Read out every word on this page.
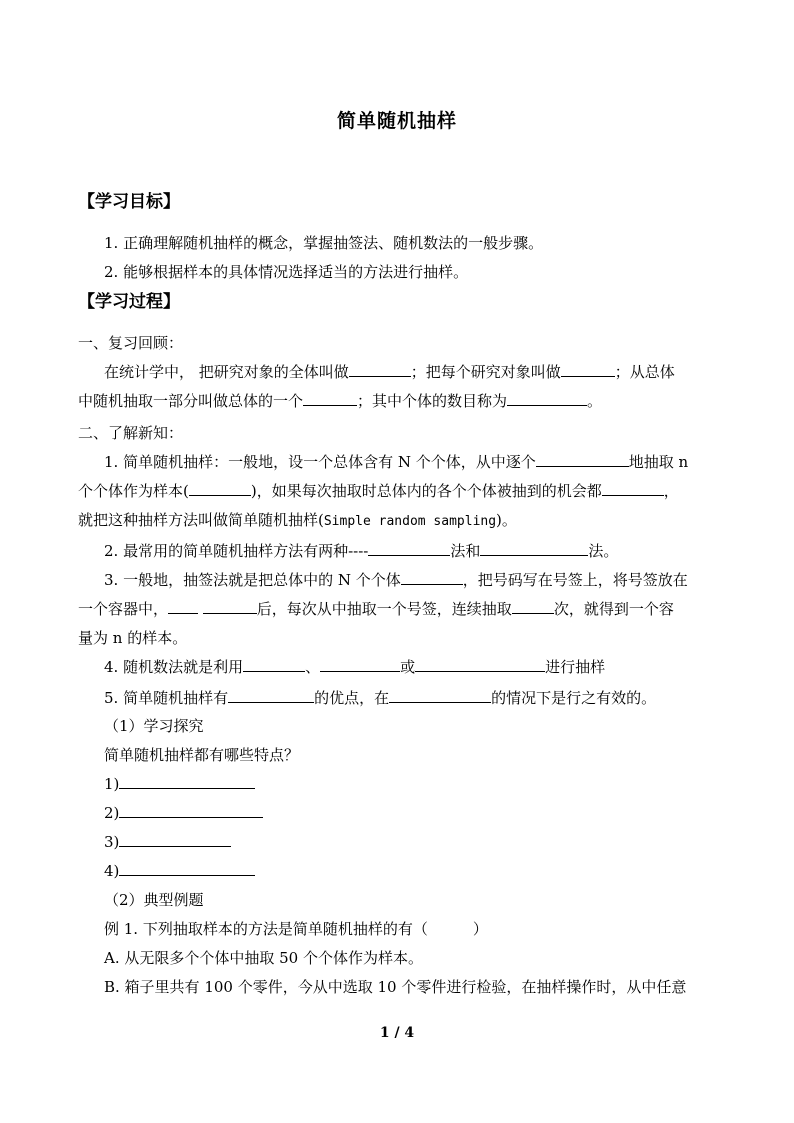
简单随机抽样
【学习目标】
1. 正确理解随机抽样的概念，掌握抽签法、随机数法的一般步骤。
2. 能够根据样本的具体情况选择适当的方法进行抽样。
【学习过程】
一、复习回顾：
在统计学中， 把研究对象的全体叫做	；把每个研究对象叫做	；从总体
中随机抽取一部分叫做总体的一个	；其中个体的数目称为	。
二、了解新知：
1. 简单随机抽样：一般地，设一个总体含有 N 个个体，从中逐个	地抽取 n
个个体作为样本(	)，如果每次抽取时总体内的各个个体被抽到的机会都	，
就把这种抽样方法叫做简单随机抽样(Simple random sampling)。
2. 最常用的简单随机抽样方法有两种----	法和	法。
3. 一般地，抽签法就是把总体中的 N 个个体	，把号码写在号签上，将号签放在
一个容器中，	后，每次从中抽取一个号签，连续抽取	次，就得到一个容
量为 n 的样本。
4. 随机数法就是利用	、	或	进行抽样
5. 简单随机抽样有	的优点，在	的情况下是行之有效的。
（1）学习探究
简单随机抽样都有哪些特点？
1)
2)
3)
4)
（2）典型例题
例 1. 下列抽取样本的方法是简单随机抽样的有（　　　）
A. 从无限多个个体中抽取 50 个个体作为样本。
B. 箱子里共有 100 个零件，今从中选取 10 个零件进行检验，在抽样操作时，从中任意
1 / 4
